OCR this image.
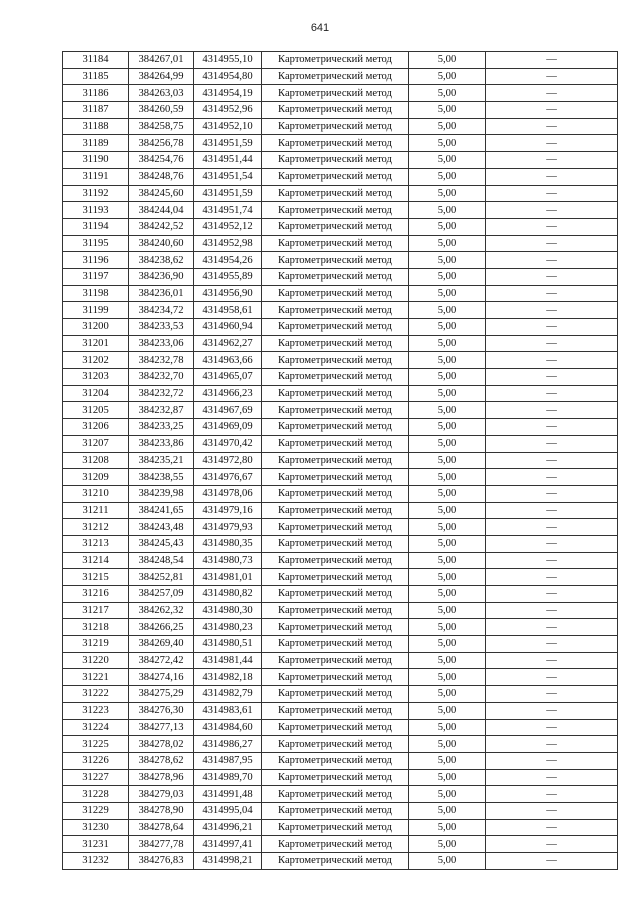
641
31184	384267,01	4314955,10	Картометрический метод	5,00	—
31185	384264,99	4314954,80	Картометрический метод	5,00	—
31186	384263,03	4314954,19	Картометрический метод	5,00	—
31187	384260,59	4314952,96	Картометрический метод	5,00	—
31188	384258,75	4314952,10	Картометрический метод	5,00	—
31189	384256,78	4314951,59	Картометрический метод	5,00	—
31190	384254,76	4314951,44	Картометрический метод	5,00	—
31191	384248,76	4314951,54	Картометрический метод	5,00	—
31192	384245,60	4314951,59	Картометрический метод	5,00	—
31193	384244,04	4314951,74	Картометрический метод	5,00	—
31194	384242,52	4314952,12	Картометрический метод	5,00	—
31195	384240,60	4314952,98	Картометрический метод	5,00	—
31196	384238,62	4314954,26	Картометрический метод	5,00	—
31197	384236,90	4314955,89	Картометрический метод	5,00	—
31198	384236,01	4314956,90	Картометрический метод	5,00	—
31199	384234,72	4314958,61	Картометрический метод	5,00	—
31200	384233,53	4314960,94	Картометрический метод	5,00	—
31201	384233,06	4314962,27	Картометрический метод	5,00	—
31202	384232,78	4314963,66	Картометрический метод	5,00	—
31203	384232,70	4314965,07	Картометрический метод	5,00	—
31204	384232,72	4314966,23	Картометрический метод	5,00	—
31205	384232,87	4314967,69	Картометрический метод	5,00	—
31206	384233,25	4314969,09	Картометрический метод	5,00	—
31207	384233,86	4314970,42	Картометрический метод	5,00	—
31208	384235,21	4314972,80	Картометрический метод	5,00	—
31209	384238,55	4314976,67	Картометрический метод	5,00	—
31210	384239,98	4314978,06	Картометрический метод	5,00	—
31211	384241,65	4314979,16	Картометрический метод	5,00	—
31212	384243,48	4314979,93	Картометрический метод	5,00	—
31213	384245,43	4314980,35	Картометрический метод	5,00	—
31214	384248,54	4314980,73	Картометрический метод	5,00	—
31215	384252,81	4314981,01	Картометрический метод	5,00	—
31216	384257,09	4314980,82	Картометрический метод	5,00	—
31217	384262,32	4314980,30	Картометрический метод	5,00	—
31218	384266,25	4314980,23	Картометрический метод	5,00	—
31219	384269,40	4314980,51	Картометрический метод	5,00	—
31220	384272,42	4314981,44	Картометрический метод	5,00	—
31221	384274,16	4314982,18	Картометрический метод	5,00	—
31222	384275,29	4314982,79	Картометрический метод	5,00	—
31223	384276,30	4314983,61	Картометрический метод	5,00	—
31224	384277,13	4314984,60	Картометрический метод	5,00	—
31225	384278,02	4314986,27	Картометрический метод	5,00	—
31226	384278,62	4314987,95	Картометрический метод	5,00	—
31227	384278,96	4314989,70	Картометрический метод	5,00	—
31228	384279,03	4314991,48	Картометрический метод	5,00	—
31229	384278,90	4314995,04	Картометрический метод	5,00	—
31230	384278,64	4314996,21	Картометрический метод	5,00	—
31231	384277,78	4314997,41	Картометрический метод	5,00	—
31232	384276,83	4314998,21	Картометрический метод	5,00	—
